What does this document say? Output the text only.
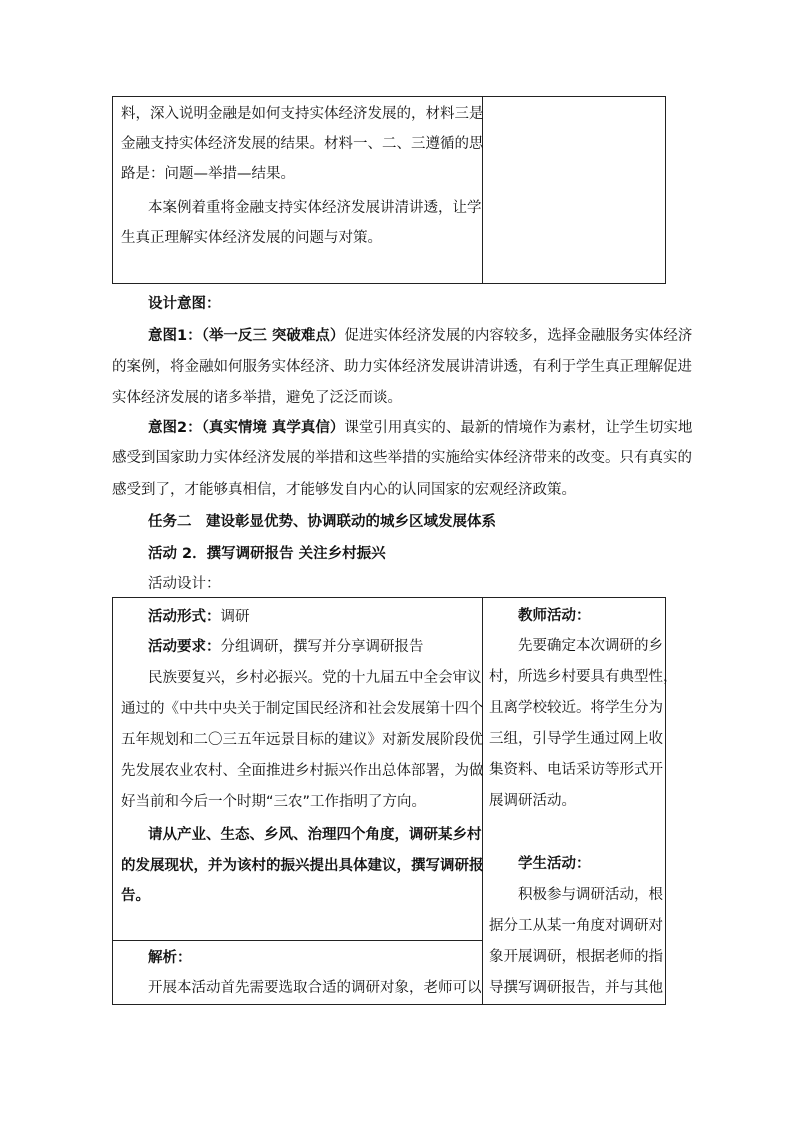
料，深入说明金融是如何支持实体经济发展的，材料三是
金融支持实体经济发展的结果。材料一、二、三遵循的思
路是：问题—举措—结果。
本案例着重将金融支持实体经济发展讲清讲透，让学
生真正理解实体经济发展的问题与对策。
设计意图：
意图1：（举一反三 突破难点）促进实体经济发展的内容较多，选择金融服务实体经济
的案例，将金融如何服务实体经济、助力实体经济发展讲清讲透，有利于学生真正理解促进
实体经济发展的诸多举措，避免了泛泛而谈。
意图2：（真实情境 真学真信）课堂引用真实的、最新的情境作为素材，让学生切实地
感受到国家助力实体经济发展的举措和这些举措的实施给实体经济带来的改变。只有真实的
感受到了，才能够真相信，才能够发自内心的认同国家的宏观经济政策。
任务二　建设彰显优势、协调联动的城乡区域发展体系
活动 2．撰写调研报告 关注乡村振兴
活动设计：
活动形式：调研
活动要求：分组调研，撰写并分享调研报告
民族要复兴，乡村必振兴。党的十九届五中全会审议
通过的《中共中央关于制定国民经济和社会发展第十四个
五年规划和二〇三五年远景目标的建议》对新发展阶段优
先发展农业农村、全面推进乡村振兴作出总体部署，为做
好当前和今后一个时期“三农”工作指明了方向。
请从产业、生态、乡风、治理四个角度，调研某乡村
的发展现状，并为该村的振兴提出具体建议，撰写调研报
告。
解析：
开展本活动首先需要选取合适的调研对象，老师可以
教师活动：
先要确定本次调研的乡
村，所选乡村要具有典型性，
且离学校较近。将学生分为
三组，引导学生通过网上收
集资料、电话采访等形式开
展调研活动。
学生活动：
积极参与调研活动，根
据分工从某一角度对调研对
象开展调研，根据老师的指
导撰写调研报告，并与其他
